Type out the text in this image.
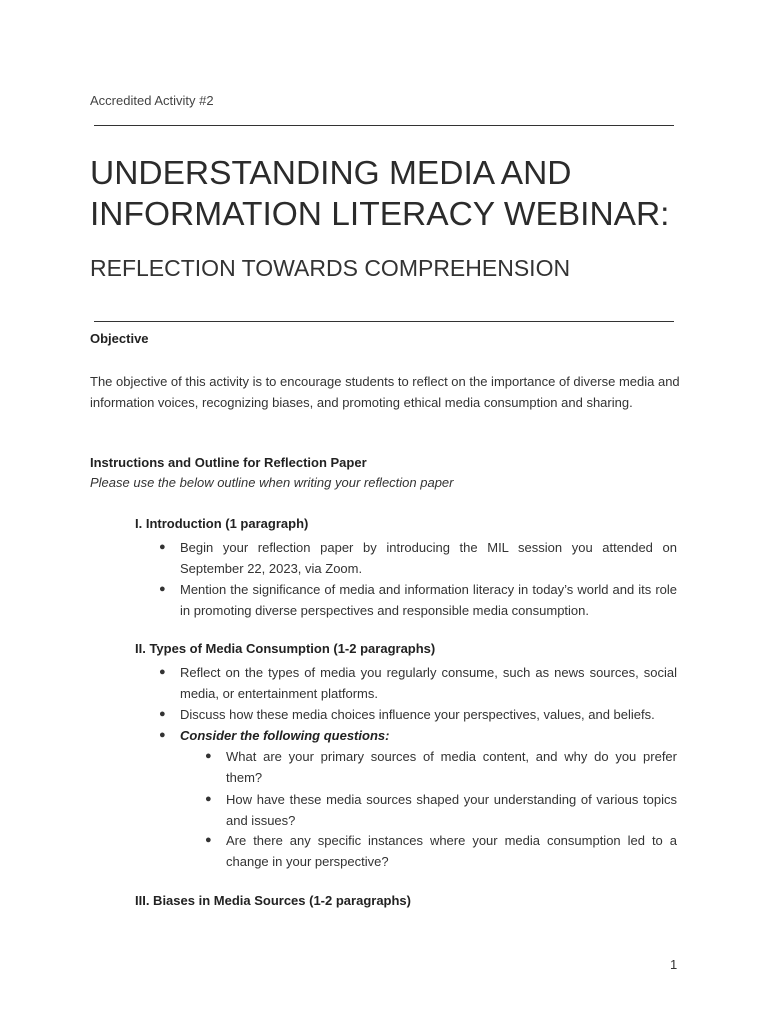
Accredited Activity #2
UNDERSTANDING MEDIA AND INFORMATION LITERACY WEBINAR:
REFLECTION TOWARDS COMPREHENSION
Objective
The objective of this activity is to encourage students to reflect on the importance of diverse media and information voices, recognizing biases, and promoting ethical media consumption and sharing.
Instructions and Outline for Reflection Paper
Please use the below outline when writing your reflection paper
I. Introduction (1 paragraph)
● Begin your reflection paper by introducing the MIL session you attended on September 22, 2023, via Zoom.
● Mention the significance of media and information literacy in today’s world and its role in promoting diverse perspectives and responsible media consumption.
II. Types of Media Consumption (1-2 paragraphs)
● Reflect on the types of media you regularly consume, such as news sources, social media, or entertainment platforms.
● Discuss how these media choices influence your perspectives, values, and beliefs.
● Consider the following questions:
● What are your primary sources of media content, and why do you prefer them?
● How have these media sources shaped your understanding of various topics and issues?
● Are there any specific instances where your media consumption led to a change in your perspective?
III. Biases in Media Sources (1-2 paragraphs)
1
